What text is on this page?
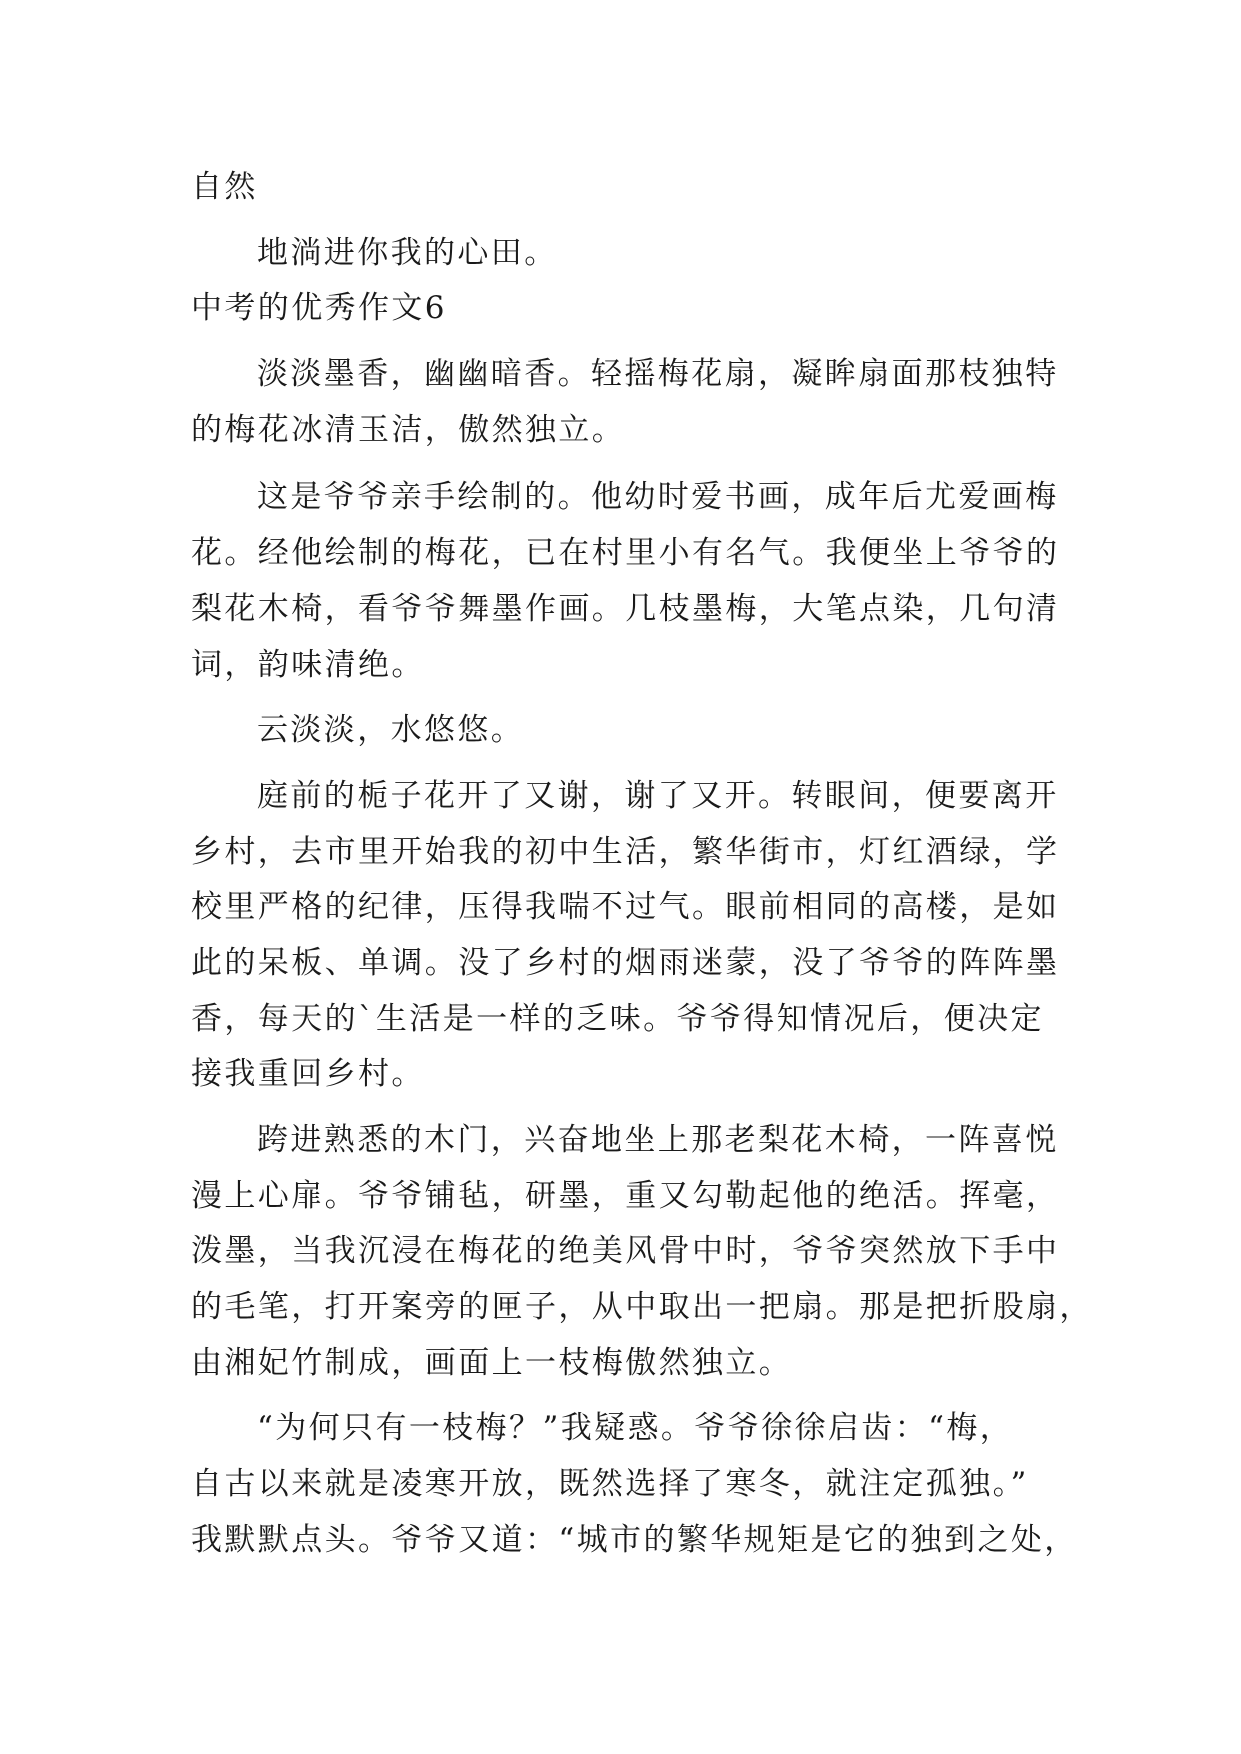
自然
地淌进你我的心田。
中考的优秀作文6
淡淡墨香，幽幽暗香。轻摇梅花扇，凝眸扇面那枝独特
的梅花冰清玉洁，傲然独立。
这是爷爷亲手绘制的。他幼时爱书画，成年后尤爱画梅
花。经他绘制的梅花，已在村里小有名气。我便坐上爷爷的
梨花木椅，看爷爷舞墨作画。几枝墨梅，大笔点染，几句清
词，韵味清绝。
云淡淡，水悠悠。
庭前的栀子花开了又谢，谢了又开。转眼间，便要离开
乡村，去市里开始我的初中生活，繁华街市，灯红酒绿，学
校里严格的纪律，压得我喘不过气。眼前相同的高楼，是如
此的呆板、单调。没了乡村的烟雨迷蒙，没了爷爷的阵阵墨
香，每天的`生活是一样的乏味。爷爷得知情况后，便决定
接我重回乡村。
跨进熟悉的木门，兴奋地坐上那老梨花木椅，一阵喜悦
漫上心扉。爷爷铺毡，研墨，重又勾勒起他的绝活。挥毫，
泼墨，当我沉浸在梅花的绝美风骨中时，爷爷突然放下手中
的毛笔，打开案旁的匣子，从中取出一把扇。那是把折股扇，
由湘妃竹制成，画面上一枝梅傲然独立。
“为何只有一枝梅？”我疑惑。爷爷徐徐启齿：“梅，
自古以来就是凌寒开放，既然选择了寒冬，就注定孤独。”
我默默点头。爷爷又道：“城市的繁华规矩是它的独到之处，
